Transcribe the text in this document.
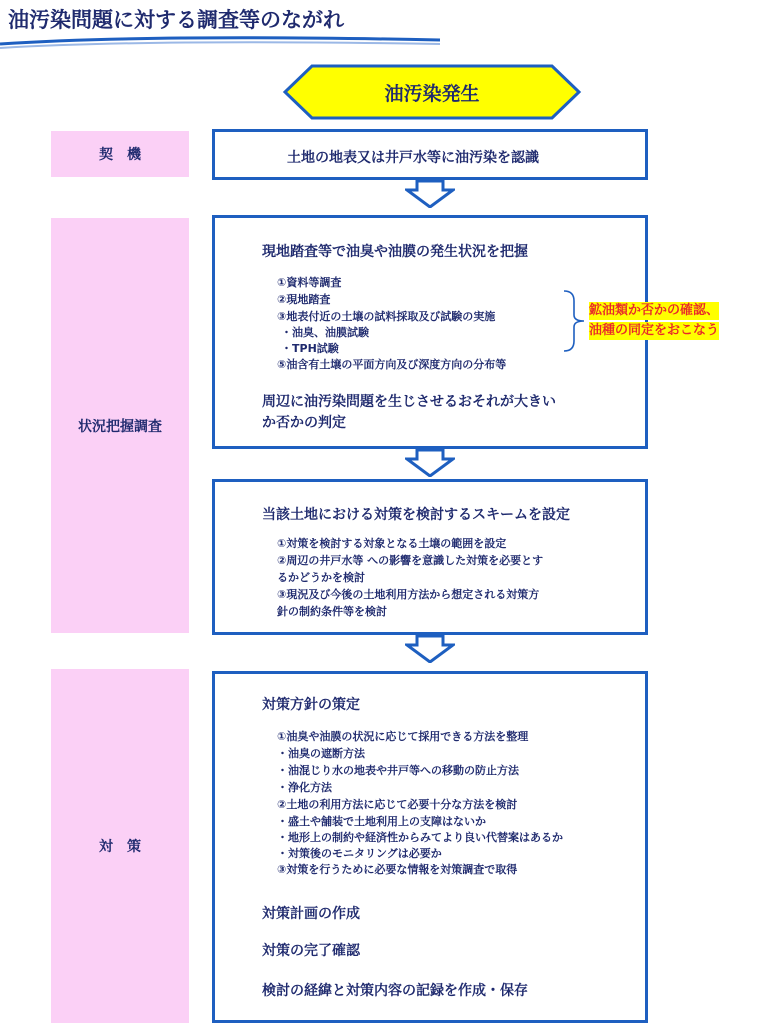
油汚染問題に対する調査等のながれ
油汚染発生
契　機
状況把握調査
対　策
土地の地表又は井戸水等に油汚染を認識
現地踏査等で油臭や油膜の発生状況を把握
①資料等調査
②現地踏査
③地表付近の土壌の試料採取及び試験の実施
・油臭、油膜試験
・TPH試験
⑤油含有土壌の平面方向及び深度方向の分布等
周辺に油汚染問題を生じさせるおそれが大きい
か否かの判定
鉱油類か否かの確認、
油種の同定をおこなう
当該土地における対策を検討するスキームを設定
①対策を検討する対象となる土壌の範囲を設定
②周辺の井戸水等 への影響を意識した対策を必要とす
るかどうかを検討
③現況及び今後の土地利用方法から想定される対策方
針の制約条件等を検討
対策方針の策定
①油臭や油膜の状況に応じて採用できる方法を整理
・油臭の遮断方法
・油混じり水の地表や井戸等への移動の防止方法
・浄化方法
②土地の利用方法に応じて必要十分な方法を検討
・盛土や舗装で土地利用上の支障はないか
・地形上の制約や経済性からみてより良い代替案はあるか
・対策後のモニタリングは必要か
③対策を行うために必要な情報を対策調査で取得
対策計画の作成
対策の完了確認
検討の経緯と対策内容の記録を作成・保存
